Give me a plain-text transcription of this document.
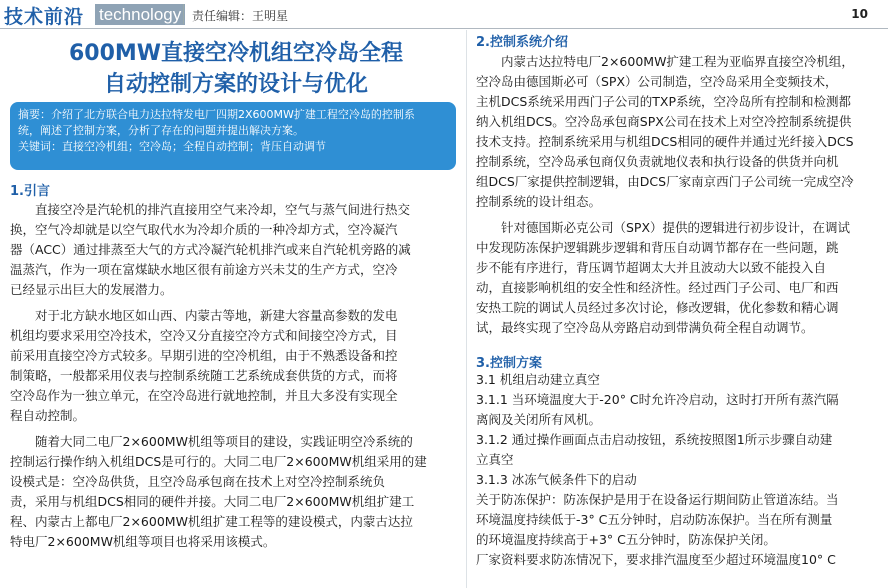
技术前沿 technology 责任编辑：王明星	10
600MW直接空冷机组空冷岛全程
自动控制方案的设计与优化
摘要：介绍了北方联合电力达拉特发电厂四期2X600MW扩建工程空冷岛的控制系
统，阐述了控制方案，分析了存在的问题并提出解决方案。
关键词：直接空冷机组；空冷岛；全程自动控制；背压自动调节
1.引言
直接空冷是汽轮机的排汽直接用空气来冷却，空气与蒸气间进行热交
换，空气冷却就是以空气取代水为冷却介质的一种冷却方式，空冷凝汽
器（ACC）通过排蒸至大气的方式冷凝汽轮机排汽或来自汽轮机旁路的减
温蒸汽，作为一项在富煤缺水地区很有前途方兴未艾的生产方式，空冷
已经显示出巨大的发展潜力。
对于北方缺水地区如山西、内蒙古等地，新建大容量高参数的发电
机组均要求采用空冷技术，空冷又分直接空冷方式和间接空冷方式，目
前采用直接空冷方式较多。早期引进的空冷机组，由于不熟悉设备和控
制策略，一般都采用仪表与控制系统随工艺系统成套供货的方式，而将
空冷岛作为一独立单元，在空冷岛进行就地控制，并且大多没有实现全
程自动控制。
随着大同二电厂2×600MW机组等项目的建设，实践证明空冷系统的
控制运行操作纳入机组DCS是可行的。大同二电厂2×600MW机组采用的建
设模式是：空冷岛供货，且空冷岛承包商在技术上对空冷控制系统负
责，采用与机组DCS相同的硬件并接。大同二电厂2×600MW机组扩建工
程、内蒙古上都电厂2×600MW机组扩建工程等的建设模式，内蒙古达拉
特电厂2×600MW机组等项目也将采用该模式。
2.控制系统介绍
内蒙古达拉特电厂2×600MW扩建工程为亚临界直接空冷机组，
空冷岛由德国斯必可（SPX）公司制造，空冷岛采用全变频技术，
主机DCS系统采用西门子公司的TXP系统，空冷岛所有控制和检测都
纳入机组DCS。空冷岛承包商SPX公司在技术上对空冷控制系统提供
技术支持。控制系统采用与机组DCS相同的硬件并通过光纤接入DCS
控制系统，空冷岛承包商仅负责就地仪表和执行设备的供货并向机
组DCS厂家提供控制逻辑，由DCS厂家南京西门子公司统一完成空冷
控制系统的设计组态。
针对德国斯必克公司（SPX）提供的逻辑进行初步设计，在调试
中发现防冻保护逻辑跳步逻辑和背压自动调节都存在一些问题，跳
步不能有序进行，背压调节超调太大并且波动大以致不能投入自
动，直接影响机组的安全性和经济性。经过西门子公司、电厂和西
安热工院的调试人员经过多次讨论，修改逻辑，优化参数和精心调
试，最终实现了空冷岛从旁路启动到带满负荷全程自动调节。
3.控制方案
3.1 机组启动建立真空
3.1.1 当环境温度大于-20° C时允许冷启动，这时打开所有蒸汽隔
离阀及关闭所有风机。
3.1.2 通过操作画面点击启动按钮，系统按照图1所示步骤自动建
立真空
3.1.3 冰冻气候条件下的启动
关于防冻保护：防冻保护是用于在设备运行期间防止管道冻结。当
环境温度持续低于-3° C五分钟时，启动防冻保护。当在所有测量
的环境温度持续高于+3° C五分钟时，防冻保护关闭。
厂家资料要求防冻情况下，要求排汽温度至少超过环境温度10° C
